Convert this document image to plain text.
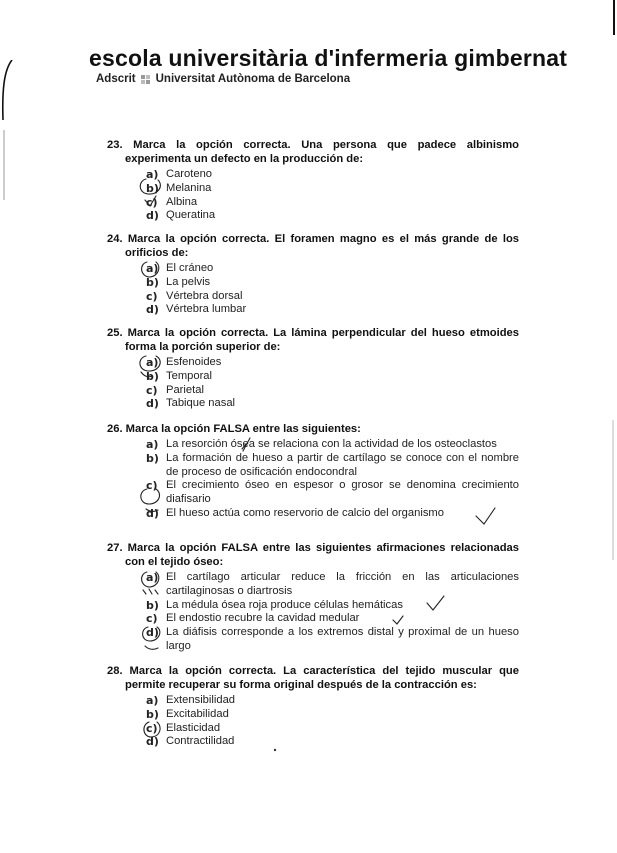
escola universitària d'infermeria gimbernat
Adscrit Universitat Autònoma de Barcelona
23. Marca la opción correcta. Una persona que padece albinismo experimenta un defecto en la producción de:
a) Caroteno
b) Melanina
c) Albina
d) Queratina
24. Marca la opción correcta. El foramen magno es el más grande de los orificios de:
a) El cráneo
b) La pelvis
c) Vértebra dorsal
d) Vértebra lumbar
25. Marca la opción correcta. La lámina perpendicular del hueso etmoides forma la porción superior de:
a) Esfenoides
b) Temporal
c) Parietal
d) Tabique nasal
26. Marca la opción FALSA entre las siguientes:
a) La resorción ósea se relaciona con la actividad de los osteoclastos
b) La formación de hueso a partir de cartílago se conoce con el nombre de proceso de osificación endocondral
c) El crecimiento óseo en espesor o grosor se denomina crecimiento diafisario
d) El hueso actúa como reservorio de calcio del organismo
27. Marca la opción FALSA entre las siguientes afirmaciones relacionadas con el tejido óseo:
a) El cartílago articular reduce la fricción en las articulaciones cartilaginosas o diartrosis
b) La médula ósea roja produce células hemáticas
c) El endostio recubre la cavidad medular
d) La diáfisis corresponde a los extremos distal y proximal de un hueso largo
28. Marca la opción correcta. La característica del tejido muscular que permite recuperar su forma original después de la contracción es:
a) Extensibilidad
b) Excitabilidad
c) Elasticidad
d) Contractilidad
